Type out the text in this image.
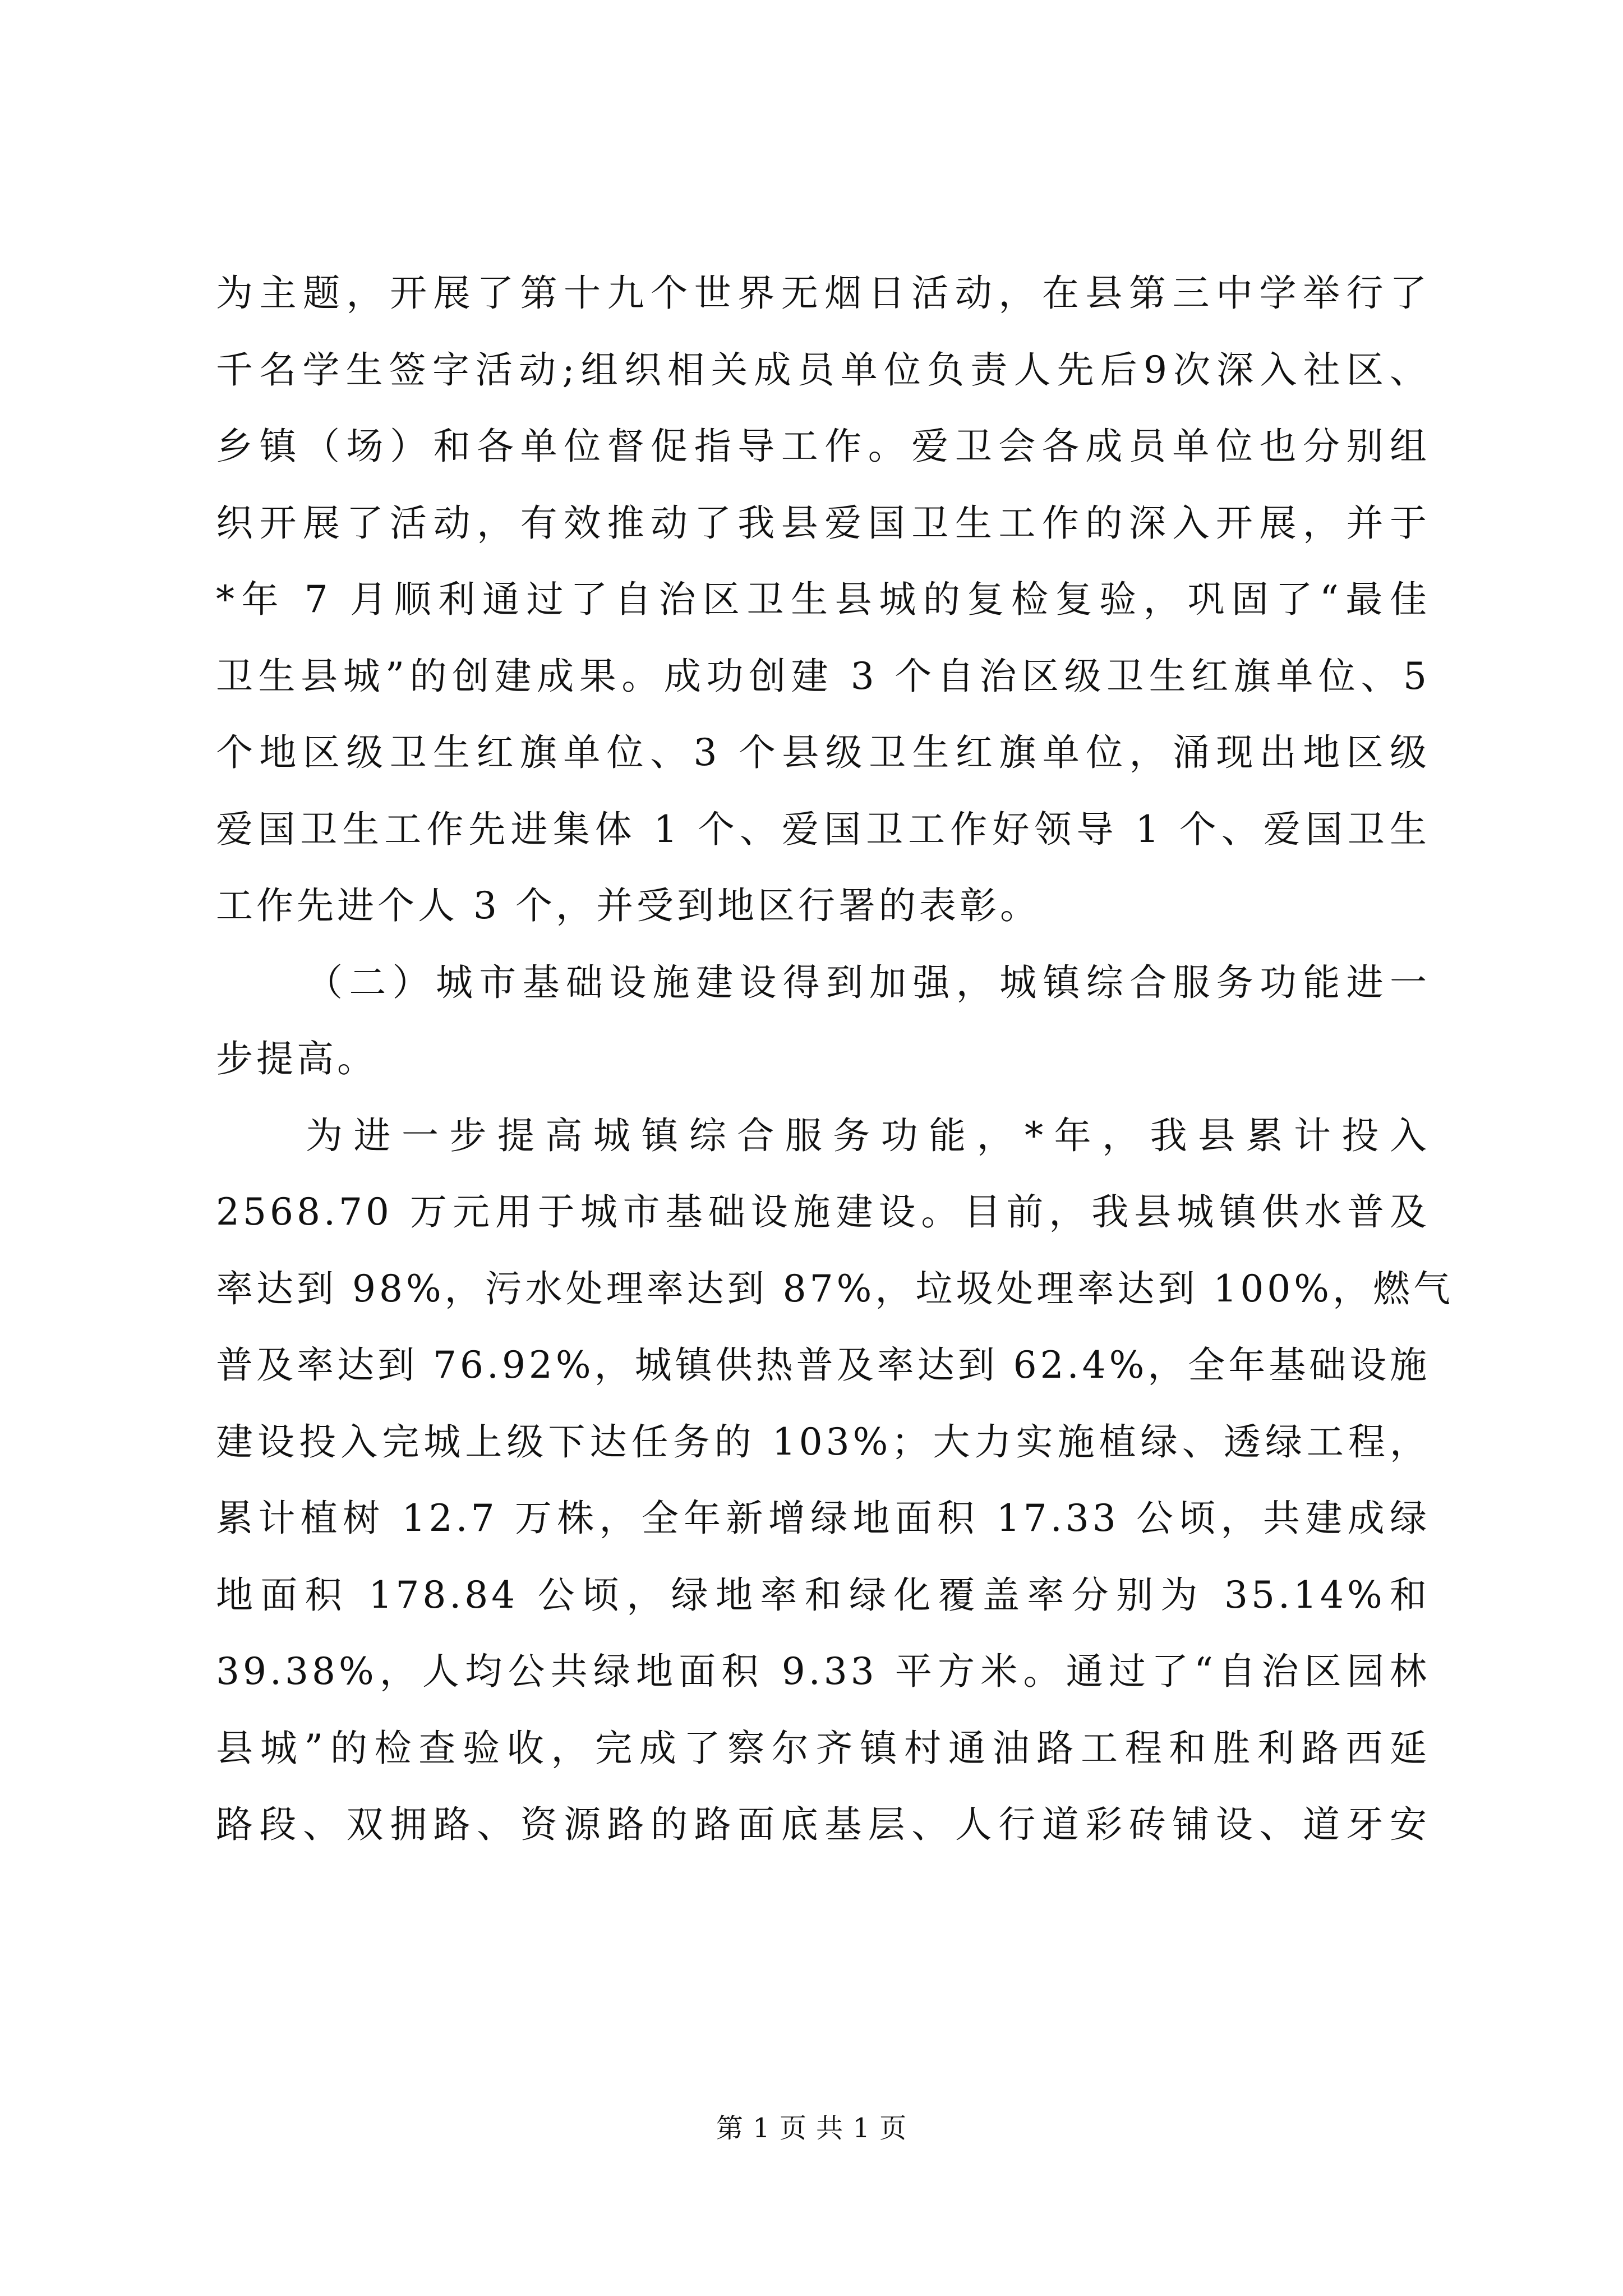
为主题，开展了第十九个世界无烟日活动，在县第三中学举行了
千名学生签字活动;组织相关成员单位负责人先后9次深入社区、
乡镇（场）和各单位督促指导工作。爱卫会各成员单位也分别组
织开展了活动，有效推动了我县爱国卫生工作的深入开展，并于
*年 7 月顺利通过了自治区卫生县城的复检复验，巩固了“最佳
卫生县城”的创建成果。成功创建 3 个自治区级卫生红旗单位、5
个地区级卫生红旗单位、3 个县级卫生红旗单位，涌现出地区级
爱国卫生工作先进集体 1 个、爱国卫工作好领导 1 个、爱国卫生
工作先进个人 3 个，并受到地区行署的表彰。
（二）城市基础设施建设得到加强，城镇综合服务功能进一
步提高。
为进一步提高城镇综合服务功能，*年，我县累计投入
2568.70 万元用于城市基础设施建设。目前，我县城镇供水普及
率达到 98%，污水处理率达到 87%，垃圾处理率达到 100%，燃气
普及率达到 76.92%，城镇供热普及率达到 62.4%，全年基础设施
建设投入完城上级下达任务的 103%；大力实施植绿、透绿工程，
累计植树 12.7 万株，全年新增绿地面积 17.33 公顷，共建成绿
地面积 178.84 公顷，绿地率和绿化覆盖率分别为 35.14%和
39.38%，人均公共绿地面积 9.33 平方米。通过了“自治区园林
县城”的检查验收，完成了察尔齐镇村通油路工程和胜利路西延
路段、双拥路、资源路的路面底基层、人行道彩砖铺设、道牙安
第 1 页 共 1 页
